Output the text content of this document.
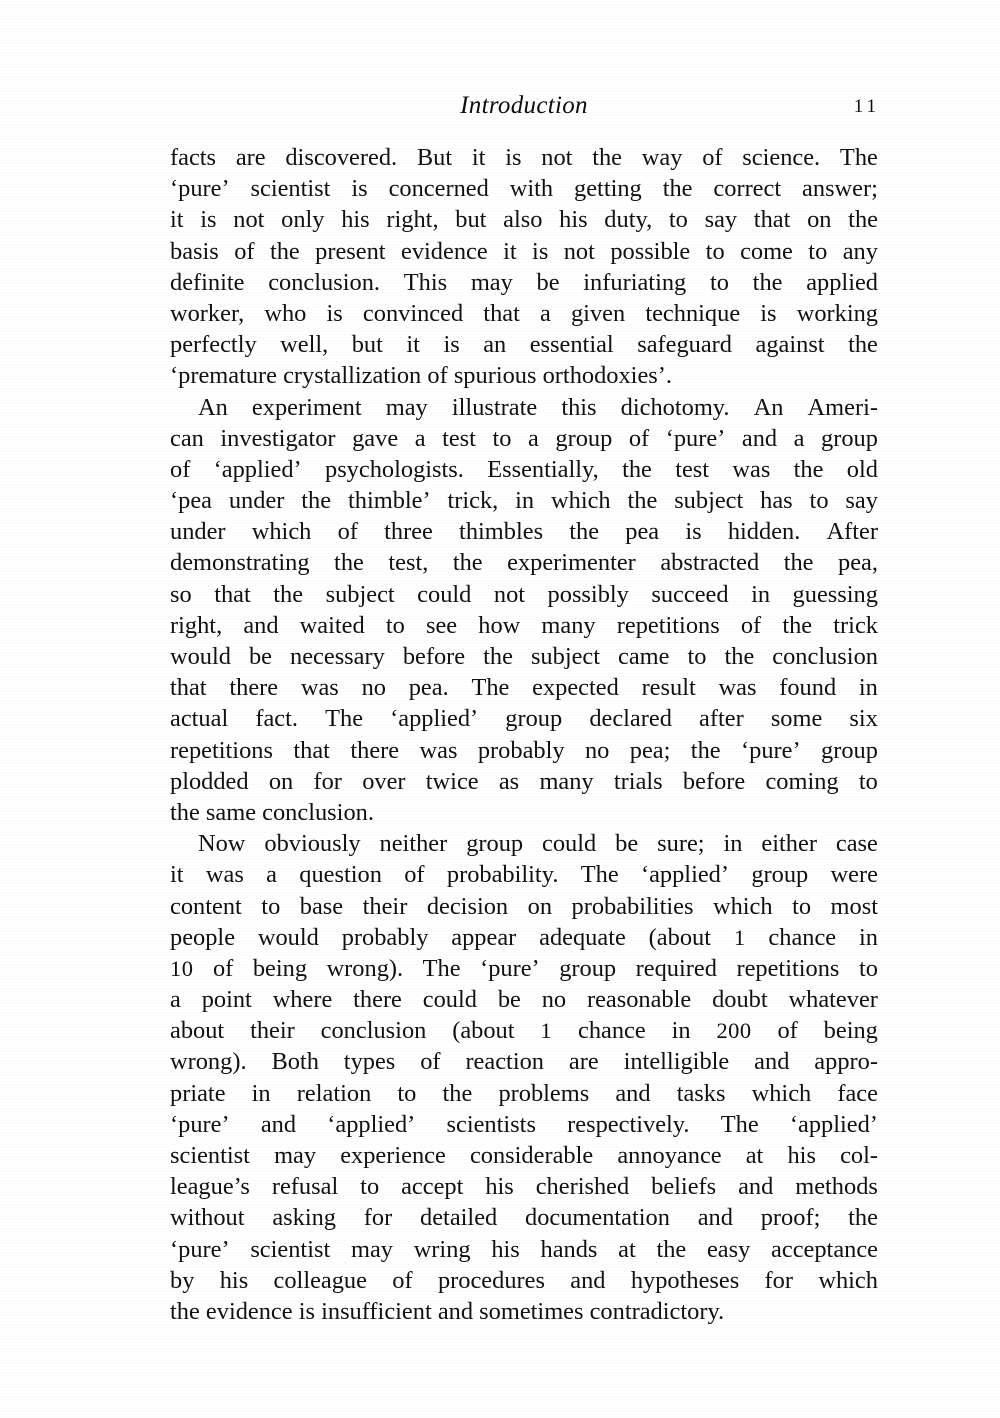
Introduction	11
facts are discovered. But it is not the way of science. The
‘pure’ scientist is concerned with getting the correct answer;
it is not only his right, but also his duty, to say that on the
basis of the present evidence it is not possible to come to any
definite conclusion. This may be infuriating to the applied
worker, who is convinced that a given technique is working
perfectly well, but it is an essential safeguard against the
‘premature crystallization of spurious orthodoxies’.
An experiment may illustrate this dichotomy. An Ameri-
can investigator gave a test to a group of ‘pure’ and a group
of ‘applied’ psychologists. Essentially, the test was the old
‘pea under the thimble’ trick, in which the subject has to say
under which of three thimbles the pea is hidden. After
demonstrating the test, the experimenter abstracted the pea,
so that the subject could not possibly succeed in guessing
right, and waited to see how many repetitions of the trick
would be necessary before the subject came to the conclusion
that there was no pea. The expected result was found in
actual fact. The ‘applied’ group declared after some six
repetitions that there was probably no pea; the ‘pure’ group
plodded on for over twice as many trials before coming to
the same conclusion.
Now obviously neither group could be sure; in either case
it was a question of probability. The ‘applied’ group were
content to base their decision on probabilities which to most
people would probably appear adequate (about 1 chance in
10 of being wrong). The ‘pure’ group required repetitions to
a point where there could be no reasonable doubt whatever
about their conclusion (about 1 chance in 200 of being
wrong). Both types of reaction are intelligible and appro-
priate in relation to the problems and tasks which face
‘pure’ and ‘applied’ scientists respectively. The ‘applied’
scientist may experience considerable annoyance at his col-
league’s refusal to accept his cherished beliefs and methods
without asking for detailed documentation and proof; the
‘pure’ scientist may wring his hands at the easy acceptance
by his colleague of procedures and hypotheses for which
the evidence is insufficient and sometimes contradictory.
